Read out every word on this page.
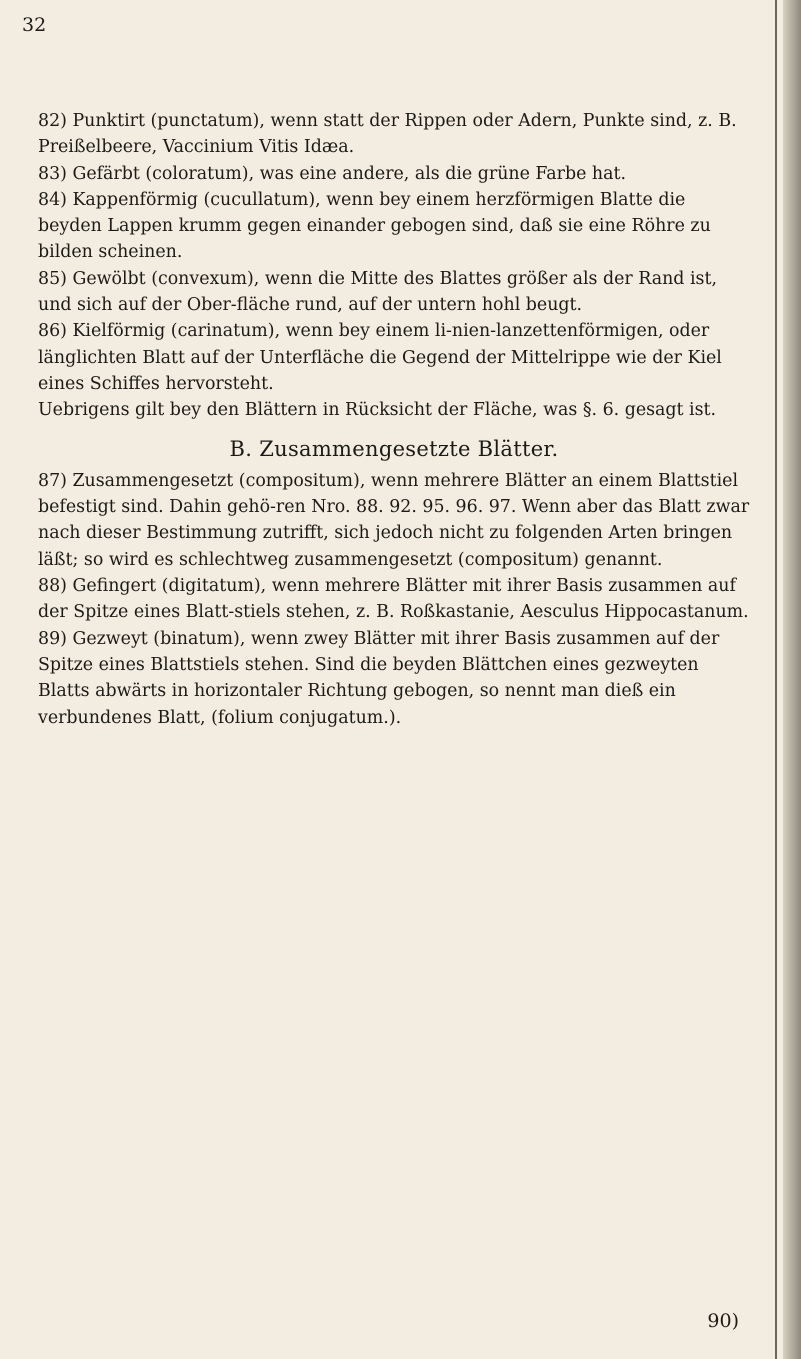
32

82) Punktirt (punctatum), wenn statt der Rippen oder Adern, Punkte sind, z. B. Preißelbeere, Vaccinium Vitis Idæa.

83) Gefärbt (coloratum), was eine andere, als die grüne Farbe hat.

84) Kappenförmig (cucullatum), wenn bey einem herzförmigen Blatte die beyden Lappen krumm gegen einander gebogen sind, daß sie eine Röhre zu bilden scheinen.

85) Gewölbt (convexum), wenn die Mitte des Blattes größer als der Rand ist, und sich auf der Ober-fläche rund, auf der untern hohl beugt.

86) Kielförmig (carinatum), wenn bey einem li-nien-lanzettenförmigen, oder länglichten Blatt auf der Unterfläche die Gegend der Mittelrippe wie der Kiel eines Schiffes hervorsteht.

Uebrigens gilt bey den Blättern in Rücksicht der Fläche, was §. 6. gesagt ist.

B. Zusammengesetzte Blätter.

87) Zusammengesetzt (compositum), wenn mehrere Blätter an einem Blattstiel befestigt sind. Dahin gehö-ren Nro. 88. 92. 95. 96. 97. Wenn aber das Blatt zwar nach dieser Bestimmung zutrifft, sich jedoch nicht zu folgenden Arten bringen läßt; so wird es schlechtweg zusammengesetzt (compositum) genannt.

88) Gefingert (digitatum), wenn mehrere Blätter mit ihrer Basis zusammen auf der Spitze eines Blatt-stiels stehen, z. B. Roßkastanie, Aesculus Hippocastanum.

89) Gezweyt (binatum), wenn zwey Blätter mit ihrer Basis zusammen auf der Spitze eines Blattstiels stehen. Sind die beyden Blättchen eines gezweyten Blatts abwärts in horizontaler Richtung gebogen, so nennt man dieß ein verbundenes Blatt, (folium conjugatum.).

90)
